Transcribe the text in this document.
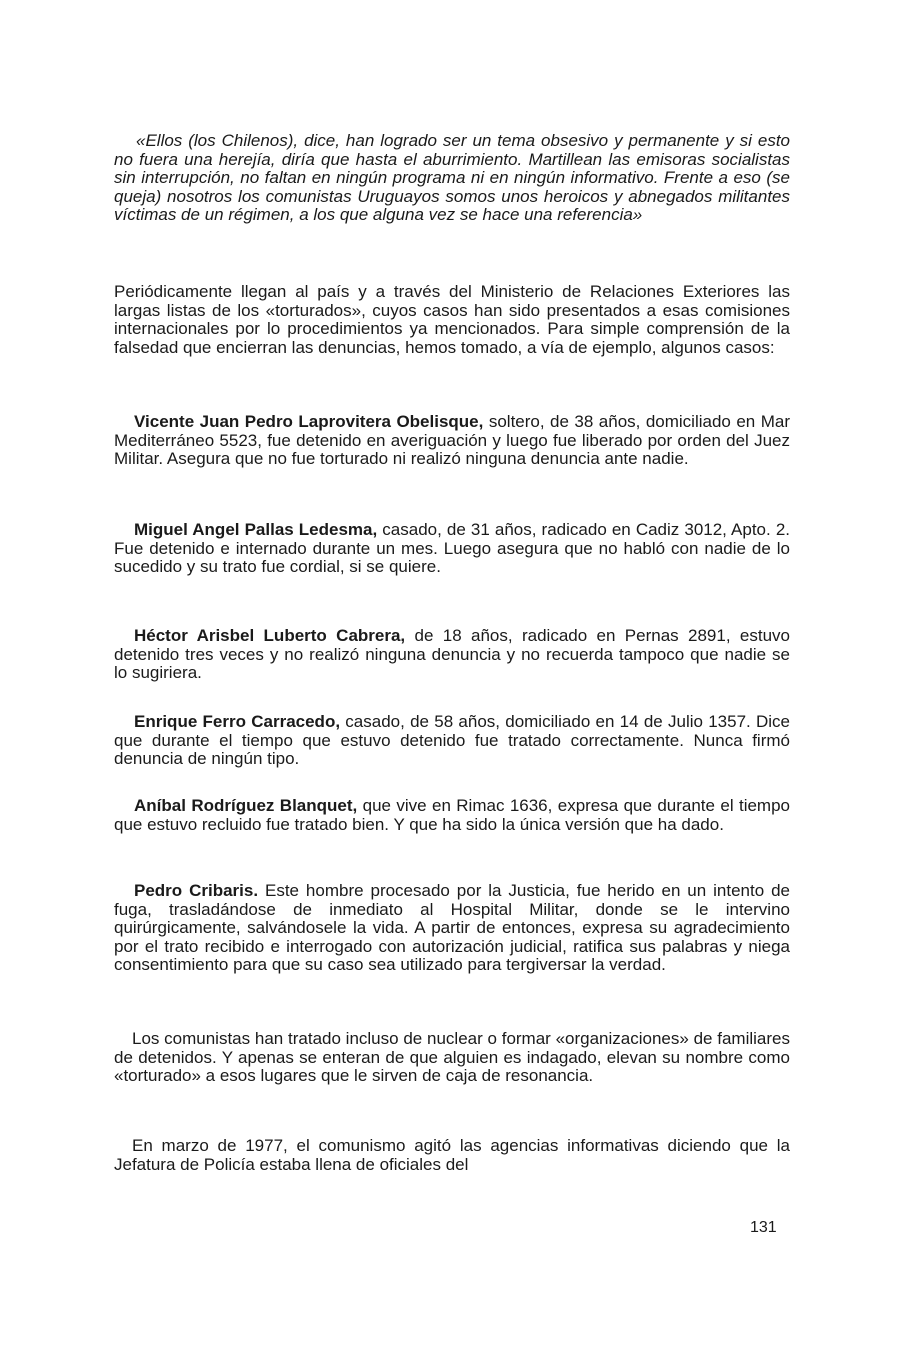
«Ellos (los Chilenos), dice, han logrado ser un tema obsesivo y permanente y si esto no fuera una herejía, diría que hasta el aburrimiento. Martillean las emisoras socialistas sin interrupción, no faltan en ningún programa ni en ningún informativo. Frente a eso (se queja) nosotros los comunistas Uruguayos somos unos heroicos y abnegados militantes víctimas de un régimen, a los que alguna vez se hace una referencia»

Periódicamente llegan al país y a través del Ministerio de Relaciones Exteriores las largas listas de los «torturados», cuyos casos han sido presentados a esas comisiones internacionales por lo procedimientos ya mencionados. Para simple comprensión de la falsedad que encierran las denuncias, hemos tomado, a vía de ejemplo, algunos casos:

Vicente Juan Pedro Laprovitera Obelisque, soltero, de 38 años, domiciliado en Mar Mediterráneo 5523, fue detenido en averiguación y luego fue liberado por orden del Juez Militar. Asegura que no fue torturado ni realizó ninguna denuncia ante nadie.

Miguel Angel Pallas Ledesma, casado, de 31 años, radicado en Cadiz 3012, Apto. 2. Fue detenido e internado durante un mes. Luego asegura que no habló con nadie de lo sucedido y su trato fue cordial, si se quiere.

Héctor Arisbel Luberto Cabrera, de 18 años, radicado en Pernas 2891, estuvo detenido tres veces y no realizó ninguna denuncia y no recuerda tampoco que nadie se lo sugiriera.

Enrique Ferro Carracedo, casado, de 58 años, domiciliado en 14 de Julio 1357. Dice que durante el tiempo que estuvo detenido fue tratado correctamente. Nunca firmó denuncia de ningún tipo.

Aníbal Rodríguez Blanquet, que vive en Rimac 1636, expresa que durante el tiempo que estuvo recluido fue tratado bien. Y que ha sido la única versión que ha dado.

Pedro Cribaris. Este hombre procesado por la Justicia, fue herido en un intento de fuga, trasladándose de inmediato al Hospital Militar, donde se le intervino quirúrgicamente, salvándosele la vida. A partir de entonces, expresa su agradecimiento por el trato recibido e interrogado con autorización judicial, ratifica sus palabras y niega consentimiento para que su caso sea utilizado para tergiversar la verdad.

Los comunistas han tratado incluso de nuclear o formar «organizaciones» de familiares de detenidos. Y apenas se enteran de que alguien es indagado, elevan su nombre como «torturado» a esos lugares que le sirven de caja de resonancia.

En marzo de 1977, el comunismo agitó las agencias informativas diciendo que la Jefatura de Policía estaba llena de oficiales del

131
